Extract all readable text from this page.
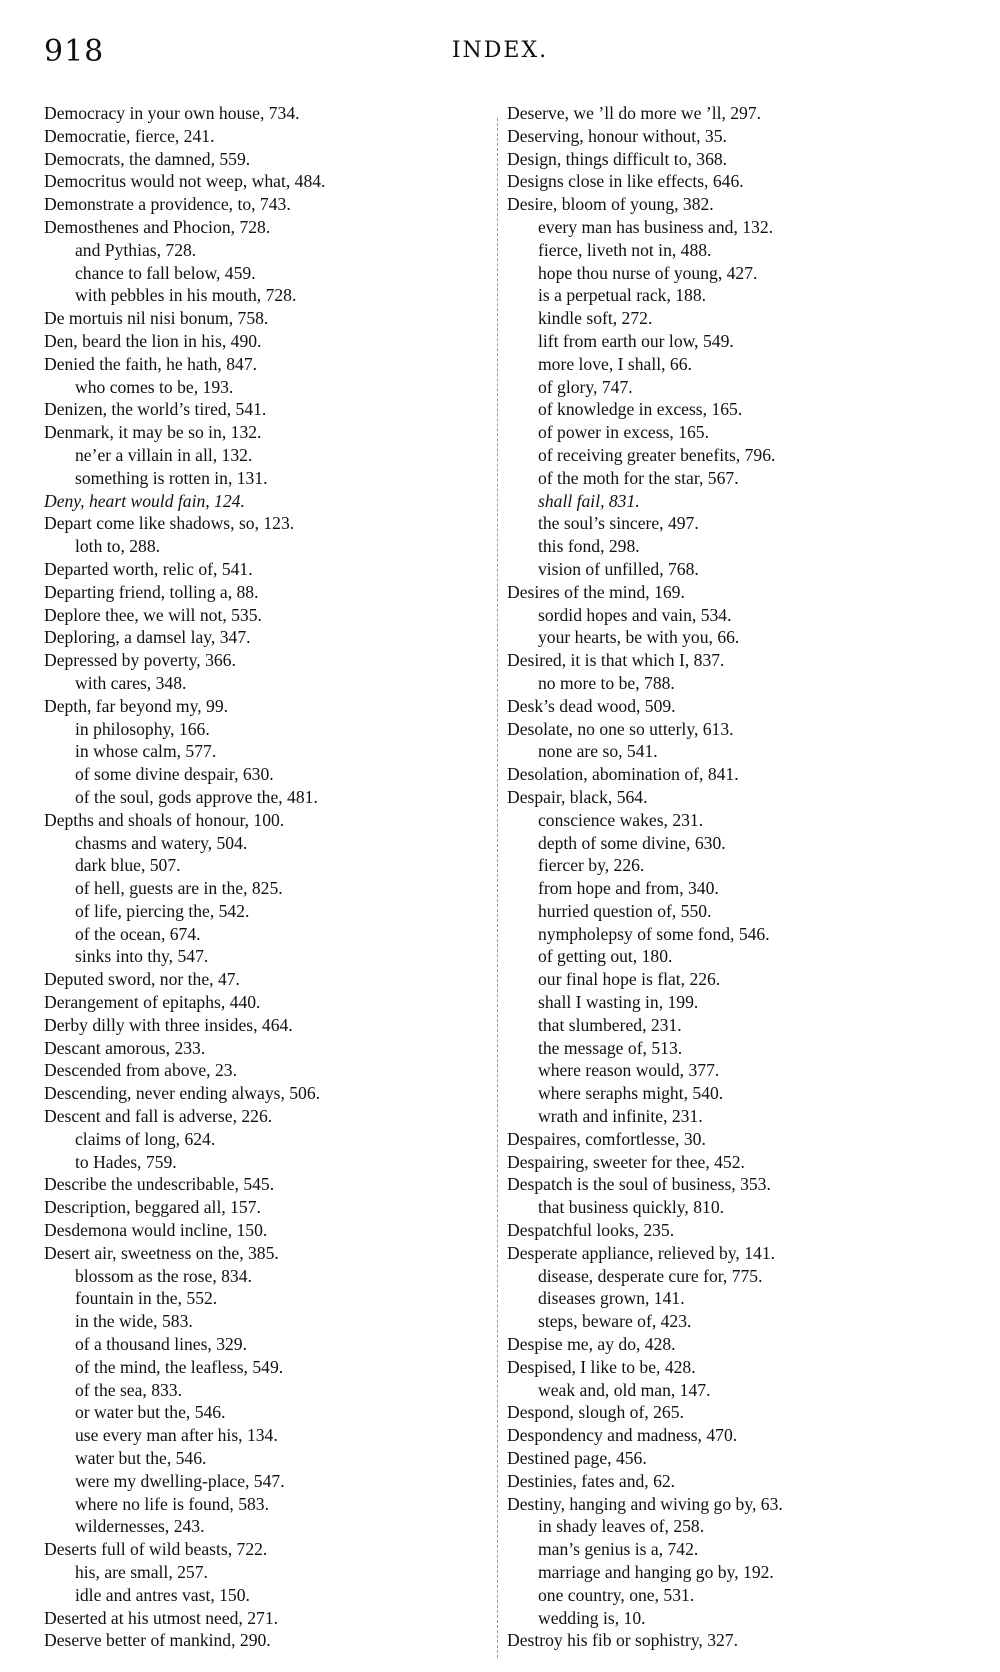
918	INDEX.
Democracy in your own house, 734.
Democratie, fierce, 241.
Democrats, the damned, 559.
Democritus would not weep, what, 484.
Demonstrate a providence, to, 743.
Demosthenes and Phocion, 728.
and Pythias, 728.
chance to fall below, 459.
with pebbles in his mouth, 728.
De mortuis nil nisi bonum, 758.
Den, beard the lion in his, 490.
Denied the faith, he hath, 847.
who comes to be, 193.
Denizen, the world’s tired, 541.
Denmark, it may be so in, 132.
ne’er a villain in all, 132.
something is rotten in, 131.
Deny, heart would fain, 124.
Depart come like shadows, so, 123.
loth to, 288.
Departed worth, relic of, 541.
Departing friend, tolling a, 88.
Deplore thee, we will not, 535.
Deploring, a damsel lay, 347.
Depressed by poverty, 366.
with cares, 348.
Depth, far beyond my, 99.
in philosophy, 166.
in whose calm, 577.
of some divine despair, 630.
of the soul, gods approve the, 481.
Depths and shoals of honour, 100.
chasms and watery, 504.
dark blue, 507.
of hell, guests are in the, 825.
of life, piercing the, 542.
of the ocean, 674.
sinks into thy, 547.
Deputed sword, nor the, 47.
Derangement of epitaphs, 440.
Derby dilly with three insides, 464.
Descant amorous, 233.
Descended from above, 23.
Descending, never ending always, 506.
Descent and fall is adverse, 226.
claims of long, 624.
to Hades, 759.
Describe the undescribable, 545.
Description, beggared all, 157.
Desdemona would incline, 150.
Desert air, sweetness on the, 385.
blossom as the rose, 834.
fountain in the, 552.
in the wide, 583.
of a thousand lines, 329.
of the mind, the leafless, 549.
of the sea, 833.
or water but the, 546.
use every man after his, 134.
water but the, 546.
were my dwelling-place, 547.
where no life is found, 583.
wildernesses, 243.
Deserts full of wild beasts, 722.
his, are small, 257.
idle and antres vast, 150.
Deserted at his utmost need, 271.
Deserve better of mankind, 290.
Deserve, we ’ll do more we ’ll, 297.
Deserving, honour without, 35.
Design, things difficult to, 368.
Designs close in like effects, 646.
Desire, bloom of young, 382.
every man has business and, 132.
fierce, liveth not in, 488.
hope thou nurse of young, 427.
is a perpetual rack, 188.
kindle soft, 272.
lift from earth our low, 549.
more love, I shall, 66.
of glory, 747.
of knowledge in excess, 165.
of power in excess, 165.
of receiving greater benefits, 796.
of the moth for the star, 567.
shall fail, 831.
the soul’s sincere, 497.
this fond, 298.
vision of unfilled, 768.
Desires of the mind, 169.
sordid hopes and vain, 534.
your hearts, be with you, 66.
Desired, it is that which I, 837.
no more to be, 788.
Desk’s dead wood, 509.
Desolate, no one so utterly, 613.
none are so, 541.
Desolation, abomination of, 841.
Despair, black, 564.
conscience wakes, 231.
depth of some divine, 630.
fiercer by, 226.
from hope and from, 340.
hurried question of, 550.
nympholepsy of some fond, 546.
of getting out, 180.
our final hope is flat, 226.
shall I wasting in, 199.
that slumbered, 231.
the message of, 513.
where reason would, 377.
where seraphs might, 540.
wrath and infinite, 231.
Despaires, comfortlesse, 30.
Despairing, sweeter for thee, 452.
Despatch is the soul of business, 353.
that business quickly, 810.
Despatchful looks, 235.
Desperate appliance, relieved by, 141.
disease, desperate cure for, 775.
diseases grown, 141.
steps, beware of, 423.
Despise me, ay do, 428.
Despised, I like to be, 428.
weak and, old man, 147.
Despond, slough of, 265.
Despondency and madness, 470.
Destined page, 456.
Destinies, fates and, 62.
Destiny, hanging and wiving go by, 63.
in shady leaves of, 258.
man’s genius is a, 742.
marriage and hanging go by, 192.
one country, one, 531.
wedding is, 10.
Destroy his fib or sophistry, 327.
